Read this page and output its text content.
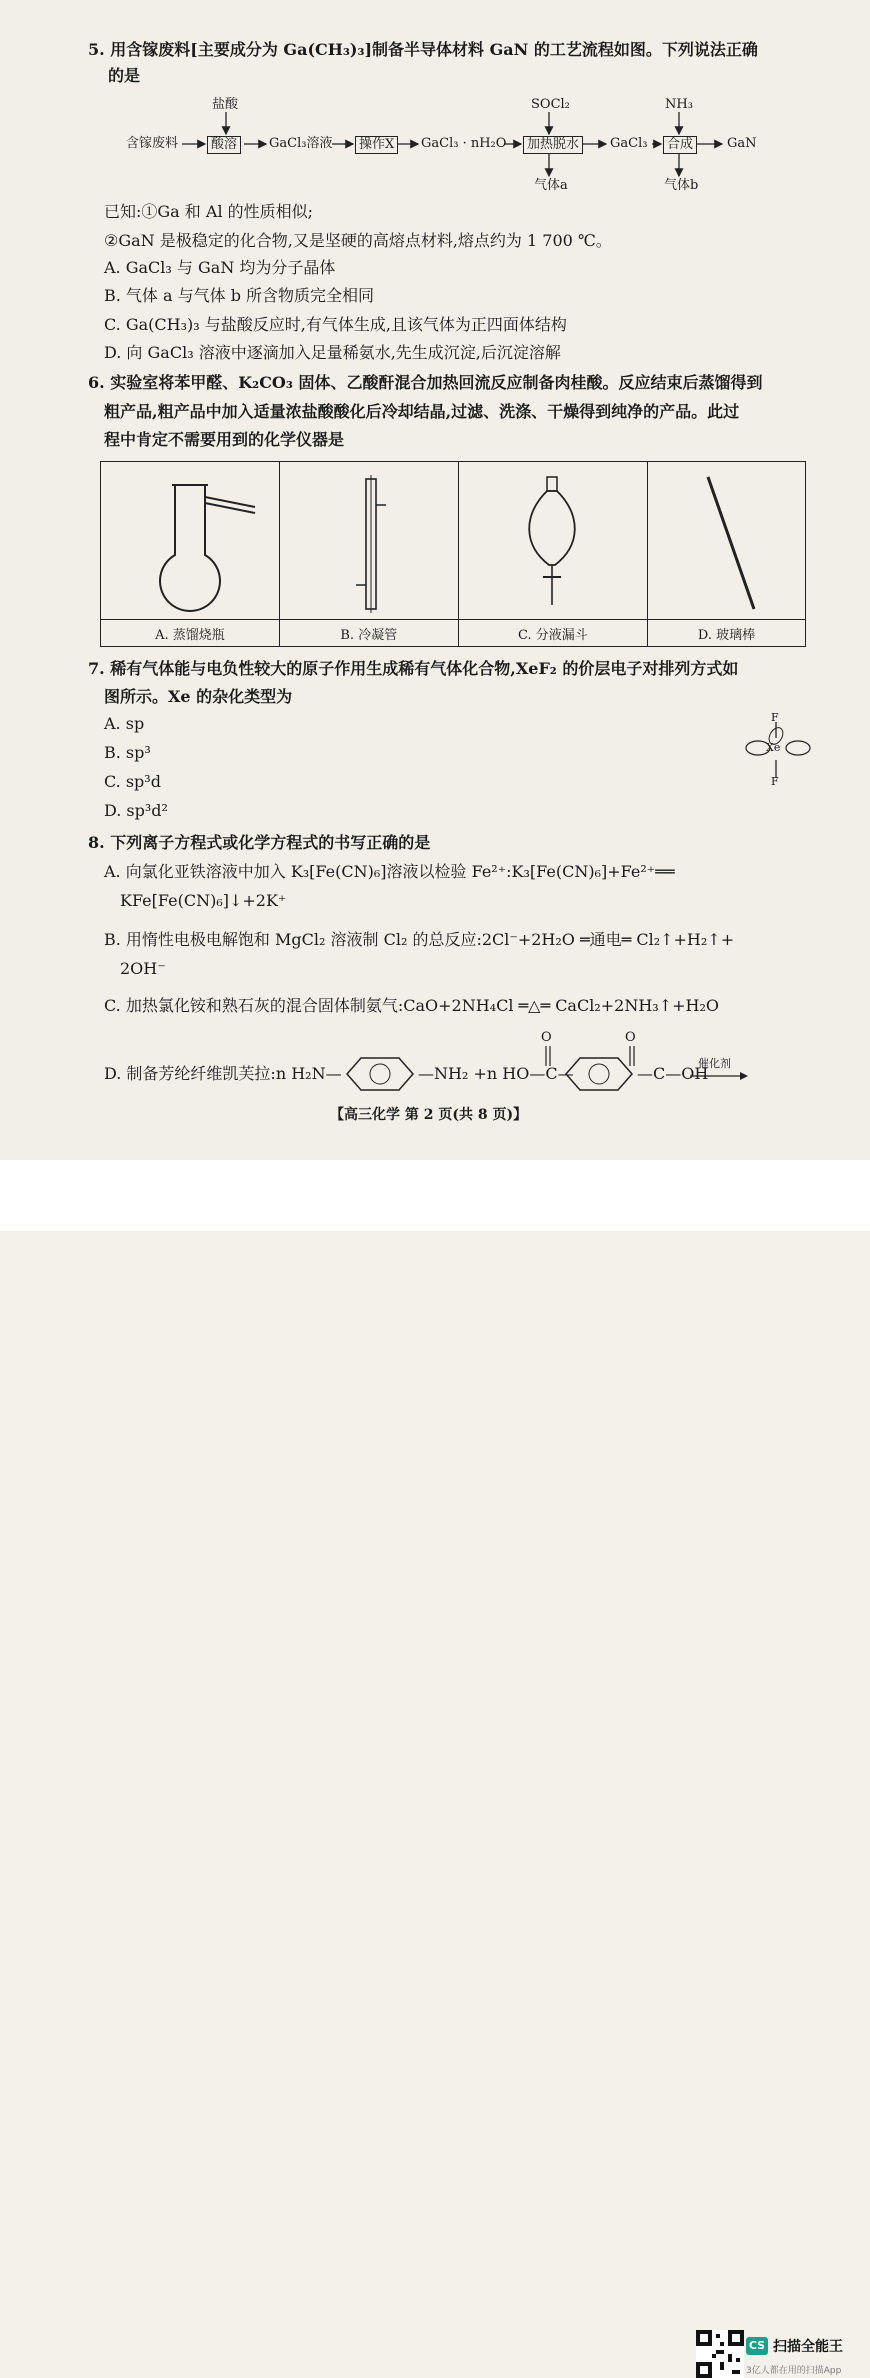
5. 用含镓废料[主要成分为 Ga(CH₃)₃]制备半导体材料 GaN 的工艺流程如图。下列说法正确
的是
含镓废料
盐酸
酸溶	GaCl₃溶液	操作X	GaCl₃ · nH₂O
SOCl₂
加热脱水
气体a
GaCl₃
NH₃
合成
气体b
GaN
已知:①Ga 和 Al 的性质相似;
②GaN 是极稳定的化合物,又是坚硬的高熔点材料,熔点约为 1 700 ℃。
A. GaCl₃ 与 GaN 均为分子晶体
B. 气体 a 与气体 b 所含物质完全相同
C. Ga(CH₃)₃ 与盐酸反应时,有气体生成,且该气体为正四面体结构
D. 向 GaCl₃ 溶液中逐滴加入足量稀氨水,先生成沉淀,后沉淀溶解
6. 实验室将苯甲醛、K₂CO₃ 固体、乙酸酐混合加热回流反应制备肉桂酸。反应结束后蒸馏得到
粗产品,粗产品中加入适量浓盐酸酸化后冷却结晶,过滤、洗涤、干燥得到纯净的产品。此过
程中肯定不需要用到的化学仪器是

A. 蒸馏烧瓶	B. 冷凝管	C. 分液漏斗	D. 玻璃棒
7. 稀有气体能与电负性较大的原子作用生成稀有气体化合物,XeF₂ 的价层电子对排列方式如
图所示。Xe 的杂化类型为
A. sp
B. sp³
C. sp³d
D. sp³d²
F
Xe
F
8. 下列离子方程式或化学方程式的书写正确的是
A. 向氯化亚铁溶液中加入 K₃[Fe(CN)₆]溶液以检验 Fe²⁺:K₃[Fe(CN)₆]+Fe²⁺══
KFe[Fe(CN)₆]↓+2K⁺
B. 用惰性电极电解饱和 MgCl₂ 溶液制 Cl₂ 的总反应:2Cl⁻+2H₂O ═通电═ Cl₂↑+H₂↑+
2OH⁻
C. 加热氯化铵和熟石灰的混合固体制氨气:CaO+2NH₄Cl ═△═ CaCl₂+2NH₃↑+H₂O
D. 制备芳纶纤维凯芙拉:n H₂N—	—NH₂ +n HO—C—
O
—C—OH
O
催化剂
【高三化学 第 2 页(共 8 页)】
CS 扫描全能王
3亿人都在用的扫描App
